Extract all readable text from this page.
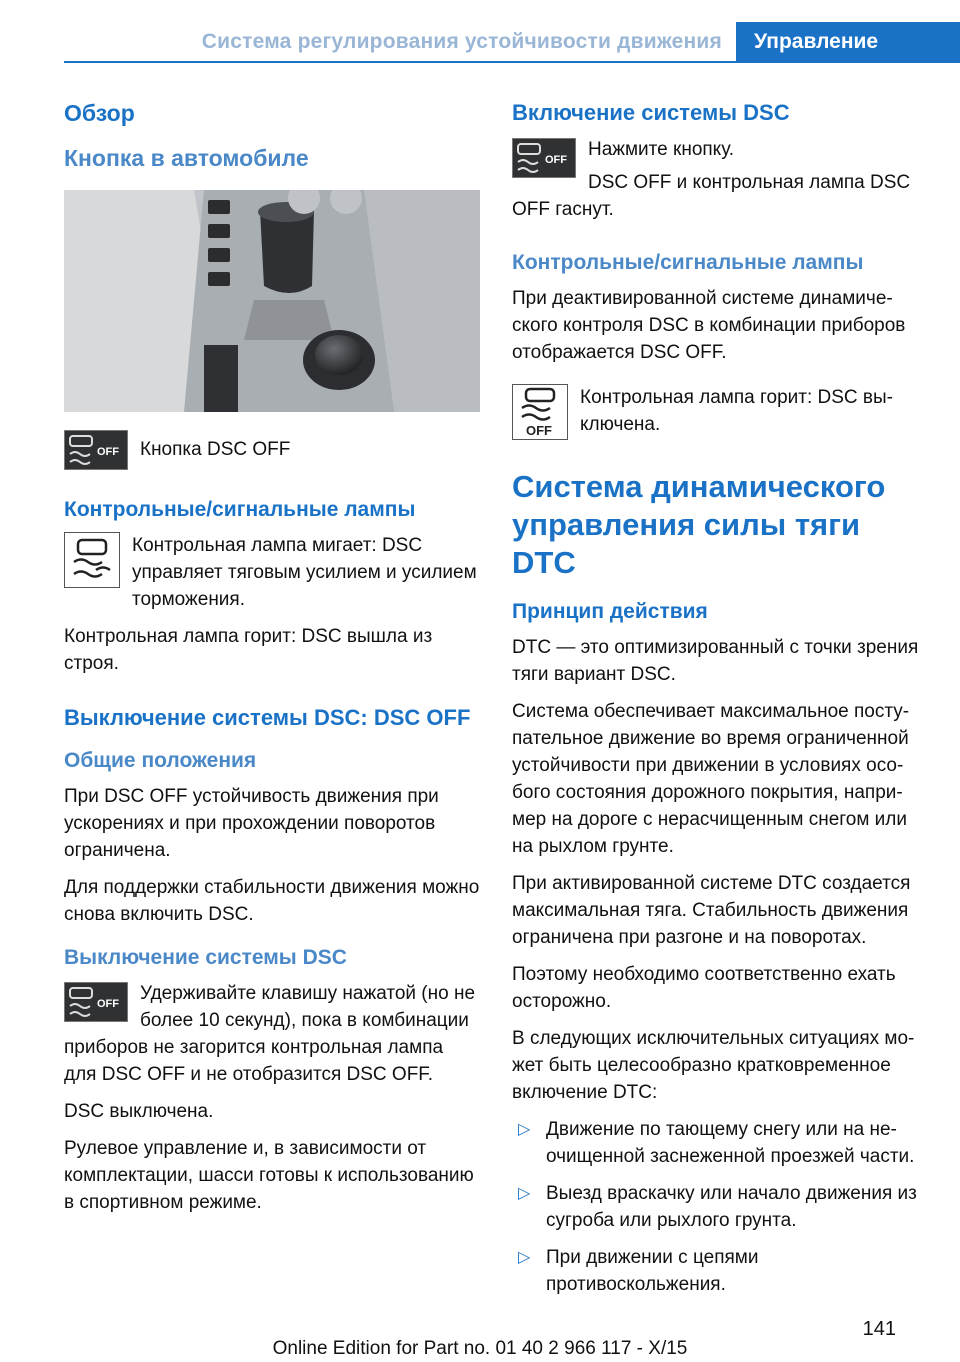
Система регулирования устойчивости движения	Управление
Обзор
Кнопка в автомобиле
OFF Кнопка DSC OFF

Контрольные/сигнальные лампы

Контрольная лампа мигает: DSC управляет тяговым усилием и усилием торможения.

Контрольная лампа горит: DSC вышла из строя.

Выключение системы DSC: DSC OFF
Общие положения

При DSC OFF устойчивость движения при ускорениях и при прохождении поворотов ограничена.

Для поддержки стабильности движения можно снова включить DSC.

Выключение системы DSC
OFF	Удерживайте клавишу нажатой (но не более 10 секунд), пока в комбинации приборов не загорится контрольная лампа для DSC OFF и не отобразится DSC OFF.

DSC выключена.

Рулевое управление и, в зависимости от комплектации, шасси готовы к использованию в спортивном режиме.

Включение системы DSC
OFF	Нажмите кнопку.

DSC OFF и контрольная лампа DSC OFF гаснут.

Контрольные/сигнальные лампы

При деактивированной системе динамического контроля DSC в комбинации приборов отображается DSC OFF.

OFF

Контрольная лампа горит: DSC выключена.

Система динамического управления силы тяги DTC
Принцип действия

DTC — это оптимизированный с точки зрения тяги вариант DSC.

Система обеспечивает максимальное поступательное движение во время ограниченной устойчивости при движении в условиях особого состояния дорожного покрытия, например на дороге с нерасчищенным снегом или на рыхлом грунте.

При активированной системе DTC создается максимальная тяга. Стабильность движения ограничена при разгоне и на поворотах.

Поэтому необходимо соответственно ехать осторожно.

В следующих исключительных ситуациях может быть целесообразно кратковременное включение DTC:

▷ Движение по тающему снегу или на неочищенной заснеженной проезжей части.
▷ Выезд враскачку или начало движения из сугроба или рыхлого грунта.
▷ При движении с цепями противоскольжения.
141
Online Edition for Part no. 01 40 2 966 117 - X/15
